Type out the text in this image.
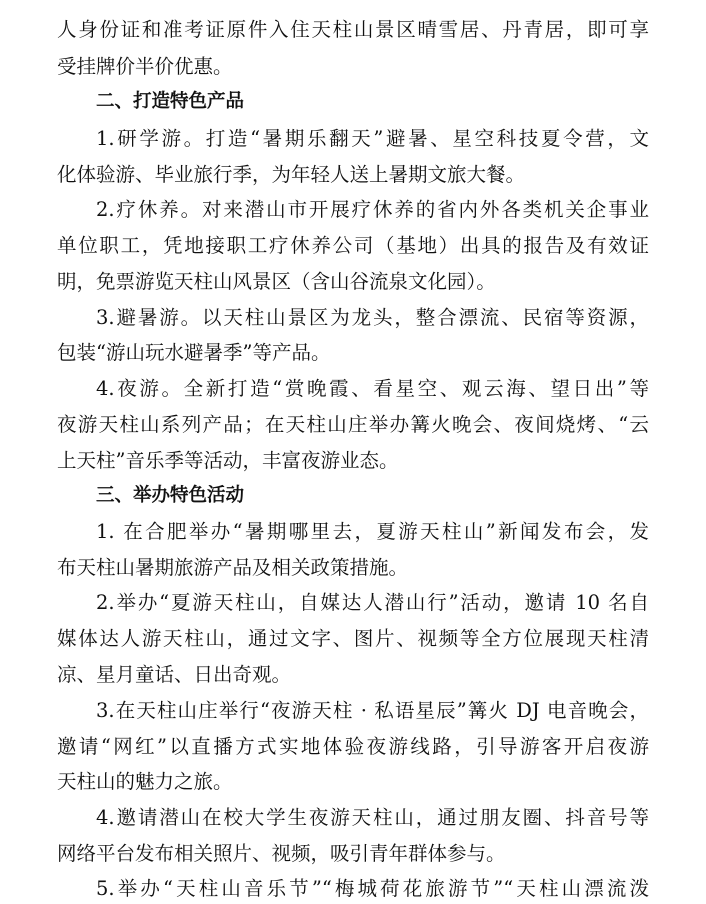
人身份证和准考证原件入住天柱山景区晴雪居、丹青居，即可享
受挂牌价半价优惠。
二、打造特色产品
1.研学游。打造“暑期乐翻天”避暑、星空科技夏令营，文
化体验游、毕业旅行季，为年轻人送上暑期文旅大餐。
2.疗休养。对来潜山市开展疗休养的省内外各类机关企事业
单位职工，凭地接职工疗休养公司（基地）出具的报告及有效证
明，免票游览天柱山风景区（含山谷流泉文化园）。
3.避暑游。以天柱山景区为龙头，整合漂流、民宿等资源，
包装“游山玩水避暑季”等产品。
4.夜游。全新打造“赏晚霞、看星空、观云海、望日出”等
夜游天柱山系列产品；在天柱山庄举办篝火晚会、夜间烧烤、“云
上天柱”音乐季等活动，丰富夜游业态。
三、举办特色活动
1. 在合肥举办“暑期哪里去，夏游天柱山”新闻发布会，发
布天柱山暑期旅游产品及相关政策措施。
2.举办“夏游天柱山，自媒达人潜山行”活动，邀请 10 名自
媒体达人游天柱山，通过文字、图片、视频等全方位展现天柱清
凉、星月童话、日出奇观。
3.在天柱山庄举行“夜游天柱 · 私语星辰”篝火 DJ 电音晚会，
邀请“网红”以直播方式实地体验夜游线路，引导游客开启夜游
天柱山的魅力之旅。
4.邀请潜山在校大学生夜游天柱山，通过朋友圈、抖音号等
网络平台发布相关照片、视频，吸引青年群体参与。
5.举办“天柱山音乐节”“梅城荷花旅游节”“天柱山漂流泼
